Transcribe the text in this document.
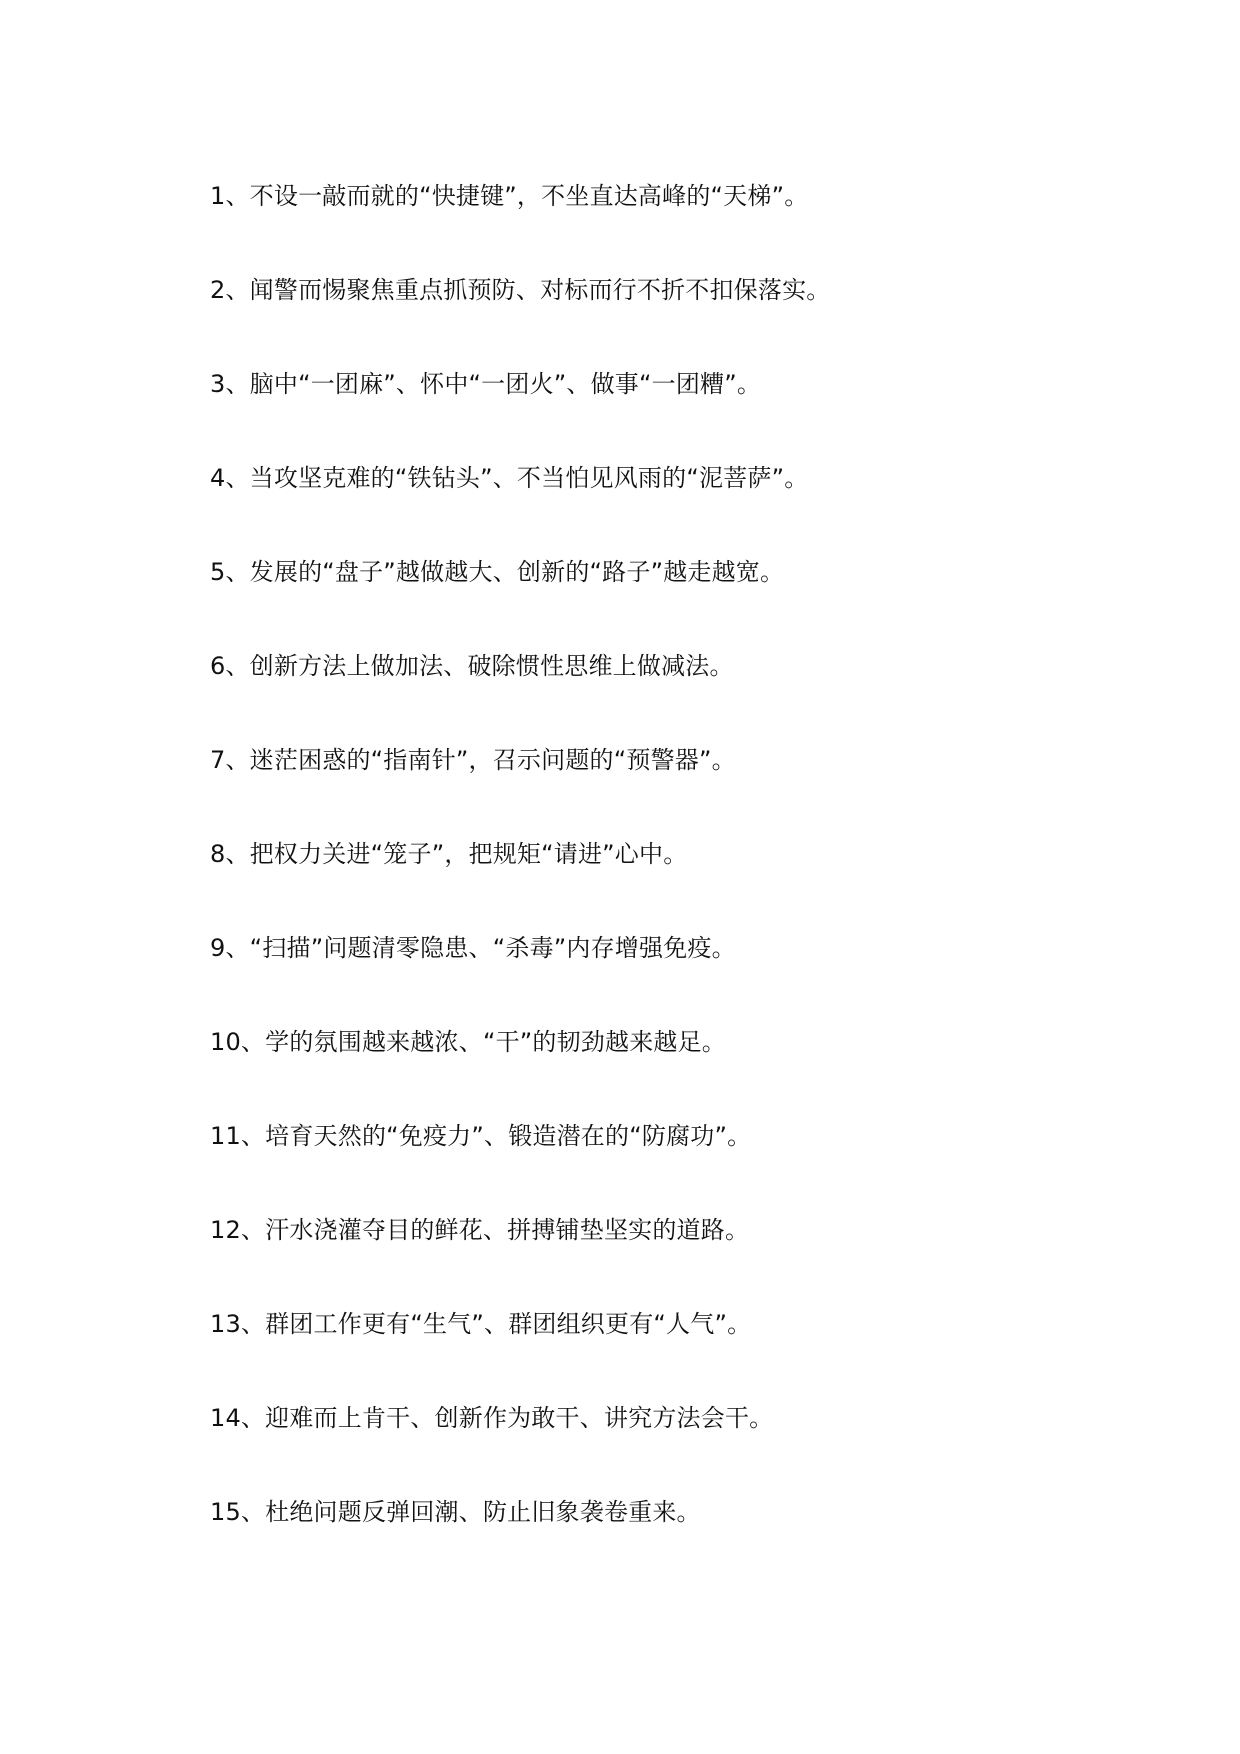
1、不设一敲而就的“快捷键”，不坐直达高峰的“天梯”。
2、闻警而惕聚焦重点抓预防、对标而行不折不扣保落实。
3、脑中“一团麻”、怀中“一团火”、做事“一团糟”。
4、当攻坚克难的“铁钻头”、不当怕见风雨的“泥菩萨”。
5、发展的“盘子”越做越大、创新的“路子”越走越宽。
6、创新方法上做加法、破除惯性思维上做减法。
7、迷茫困惑的“指南针”，召示问题的“预警器”。
8、把权力关进“笼子”，把规矩“请进”心中。
9、“扫描”问题清零隐患、“杀毒”内存增强免疫。
10、学的氛围越来越浓、“干”的韧劲越来越足。
11、培育天然的“免疫力”、锻造潜在的“防腐功”。
12、汗水浇灌夺目的鲜花、拼搏铺垫坚实的道路。
13、群团工作更有“生气”、群团组织更有“人气”。
14、迎难而上肯干、创新作为敢干、讲究方法会干。
15、杜绝问题反弹回潮、防止旧象袭卷重来。
